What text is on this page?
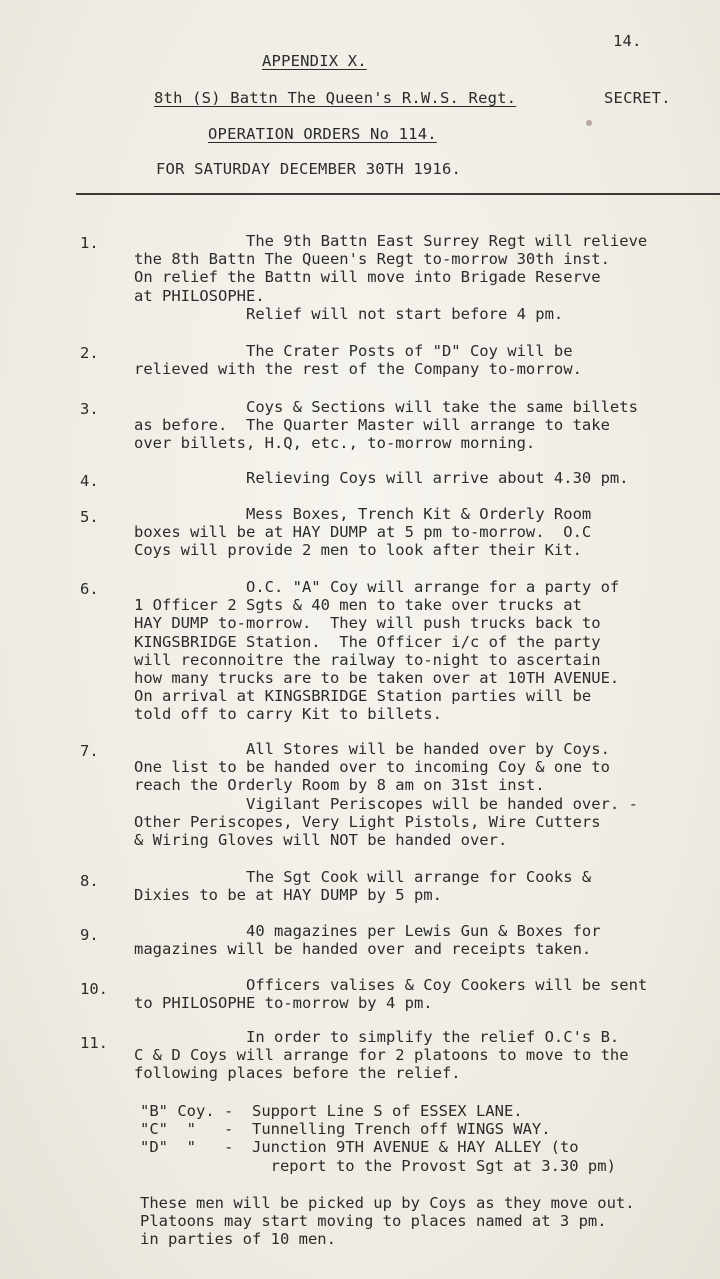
14.
APPENDIX X.
8th (S) Battn The Queen's R.W.S. Regt.	SECRET.
OPERATION ORDERS No 114.
FOR SATURDAY DECEMBER 30TH 1916.
1. The 9th Battn East Surrey Regt will relieve
the 8th Battn The Queen's Regt to-morrow 30th inst.
On relief the Battn will move into Brigade Reserve
at PHILOSOPHE.
Relief will not start before 4 pm.
2. The Crater Posts of "D" Coy will be
relieved with the rest of the Company to-morrow.
3. Coys & Sections will take the same billets
as before.  The Quarter Master will arrange to take
over billets, H.Q, etc., to-morrow morning.
4. Relieving Coys will arrive about 4.30 pm.
5. Mess Boxes, Trench Kit & Orderly Room
boxes will be at HAY DUMP at 5 pm to-morrow.  O.C
Coys will provide 2 men to look after their Kit.
6. O.C. "A" Coy will arrange for a party of
1 Officer 2 Sgts & 40 men to take over trucks at
HAY DUMP to-morrow.  They will push trucks back to
KINGSBRIDGE Station.  The Officer i/c of the party
will reconnoitre the railway to-night to ascertain
how many trucks are to be taken over at 10TH AVENUE.
On arrival at KINGSBRIDGE Station parties will be
told off to carry Kit to billets.
7. All Stores will be handed over by Coys.
One list to be handed over to incoming Coy & one to
reach the Orderly Room by 8 am on 31st inst.
Vigilant Periscopes will be handed over. -
Other Periscopes, Very Light Pistols, Wire Cutters
& Wiring Gloves will NOT be handed over.
8. The Sgt Cook will arrange for Cooks &
Dixies to be at HAY DUMP by 5 pm.
9. 40 magazines per Lewis Gun & Boxes for
magazines will be handed over and receipts taken.
10. Officers valises & Coy Cookers will be sent
to PHILOSOPHE to-morrow by 4 pm.
11. In order to simplify the relief O.C's B.
C & D Coys will arrange for 2 platoons to move to the
following places before the relief.
"B" Coy. -  Support Line S of ESSEX LANE.
"C"  "   -  Tunnelling Trench off WINGS WAY.
"D"  "   -  Junction 9TH AVENUE & HAY ALLEY (to
report to the Provost Sgt at 3.30 pm)
These men will be picked up by Coys as they move out.
Platoons may start moving to places named at 3 pm.
in parties of 10 men.
